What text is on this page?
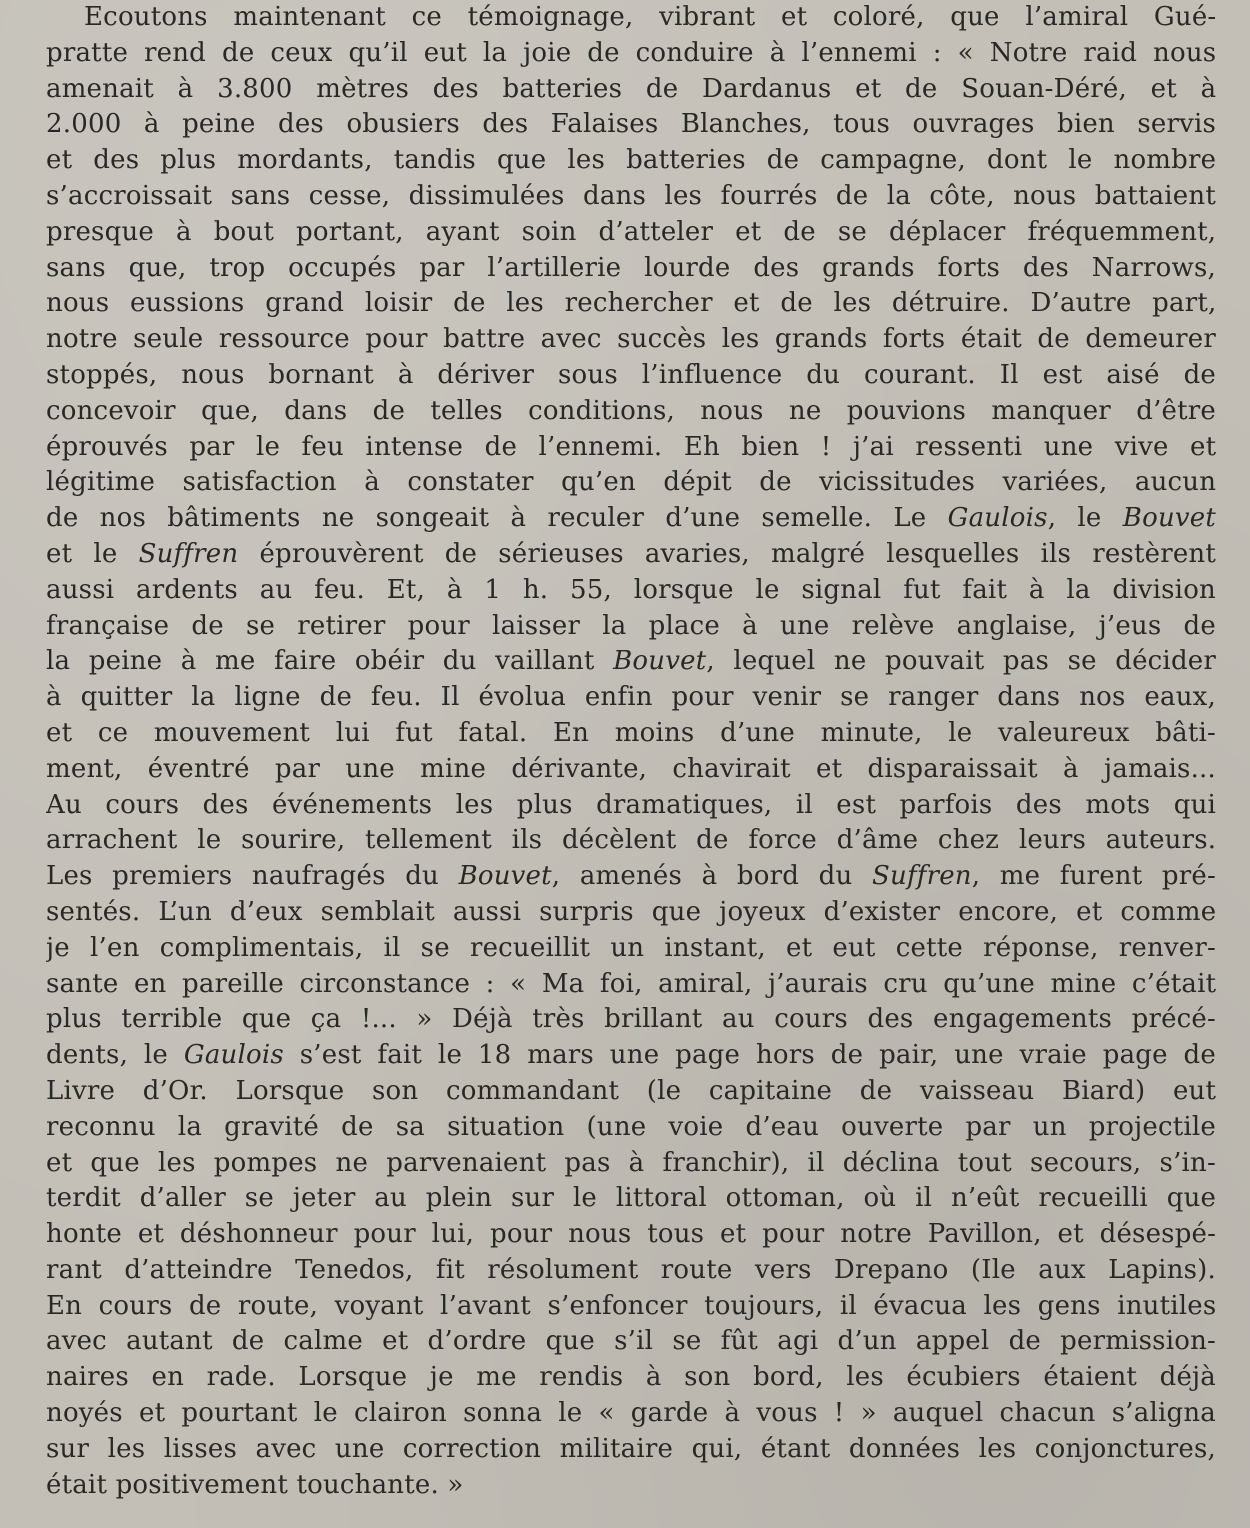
Ecoutons maintenant ce témoignage, vibrant et coloré, que l’amiral Gué-
pratte rend de ceux qu’il eut la joie de conduire à l’ennemi : « Notre raid nous
amenait à 3.800 mètres des batteries de Dardanus et de Souan-Déré, et à
2.000 à peine des obusiers des Falaises Blanches, tous ouvrages bien servis
et des plus mordants, tandis que les batteries de campagne, dont le nombre
s’accroissait sans cesse, dissimulées dans les fourrés de la côte, nous battaient
presque à bout portant, ayant soin d’atteler et de se déplacer fréquemment,
sans que, trop occupés par l’artillerie lourde des grands forts des Narrows,
nous eussions grand loisir de les rechercher et de les détruire. D’autre part,
notre seule ressource pour battre avec succès les grands forts était de demeurer
stoppés, nous bornant à dériver sous l’influence du courant. Il est aisé de
concevoir que, dans de telles conditions, nous ne pouvions manquer d’être
éprouvés par le feu intense de l’ennemi. Eh bien ! j’ai ressenti une vive et
légitime satisfaction à constater qu’en dépit de vicissitudes variées, aucun
de nos bâtiments ne songeait à reculer d’une semelle. Le Gaulois, le Bouvet
et le Suffren éprouvèrent de sérieuses avaries, malgré lesquelles ils restèrent
aussi ardents au feu. Et, à 1 h. 55, lorsque le signal fut fait à la division
française de se retirer pour laisser la place à une relève anglaise, j’eus de
la peine à me faire obéir du vaillant Bouvet, lequel ne pouvait pas se décider
à quitter la ligne de feu. Il évolua enfin pour venir se ranger dans nos eaux,
et ce mouvement lui fut fatal. En moins d’une minute, le valeureux bâti-
ment, éventré par une mine dérivante, chavirait et disparaissait à jamais...
Au cours des événements les plus dramatiques, il est parfois des mots qui
arrachent le sourire, tellement ils décèlent de force d’âme chez leurs auteurs.
Les premiers naufragés du Bouvet, amenés à bord du Suffren, me furent pré-
sentés. L’un d’eux semblait aussi surpris que joyeux d’exister encore, et comme
je l’en complimentais, il se recueillit un instant, et eut cette réponse, renver-
sante en pareille circonstance : « Ma foi, amiral, j’aurais cru qu’une mine c’était
plus terrible que ça !... » Déjà très brillant au cours des engagements précé-
dents, le Gaulois s’est fait le 18 mars une page hors de pair, une vraie page de
Livre d’Or. Lorsque son commandant (le capitaine de vaisseau Biard) eut
reconnu la gravité de sa situation (une voie d’eau ouverte par un projectile
et que les pompes ne parvenaient pas à franchir), il déclina tout secours, s’in-
terdit d’aller se jeter au plein sur le littoral ottoman, où il n’eût recueilli que
honte et déshonneur pour lui, pour nous tous et pour notre Pavillon, et désespé-
rant d’atteindre Tenedos, fit résolument route vers Drepano (Ile aux Lapins).
En cours de route, voyant l’avant s’enfoncer toujours, il évacua les gens inutiles
avec autant de calme et d’ordre que s’il se fût agi d’un appel de permission-
naires en rade. Lorsque je me rendis à son bord, les écubiers étaient déjà
noyés et pourtant le clairon sonna le « garde à vous ! » auquel chacun s’aligna
sur les lisses avec une correction militaire qui, étant données les conjonctures,
était positivement touchante. »
